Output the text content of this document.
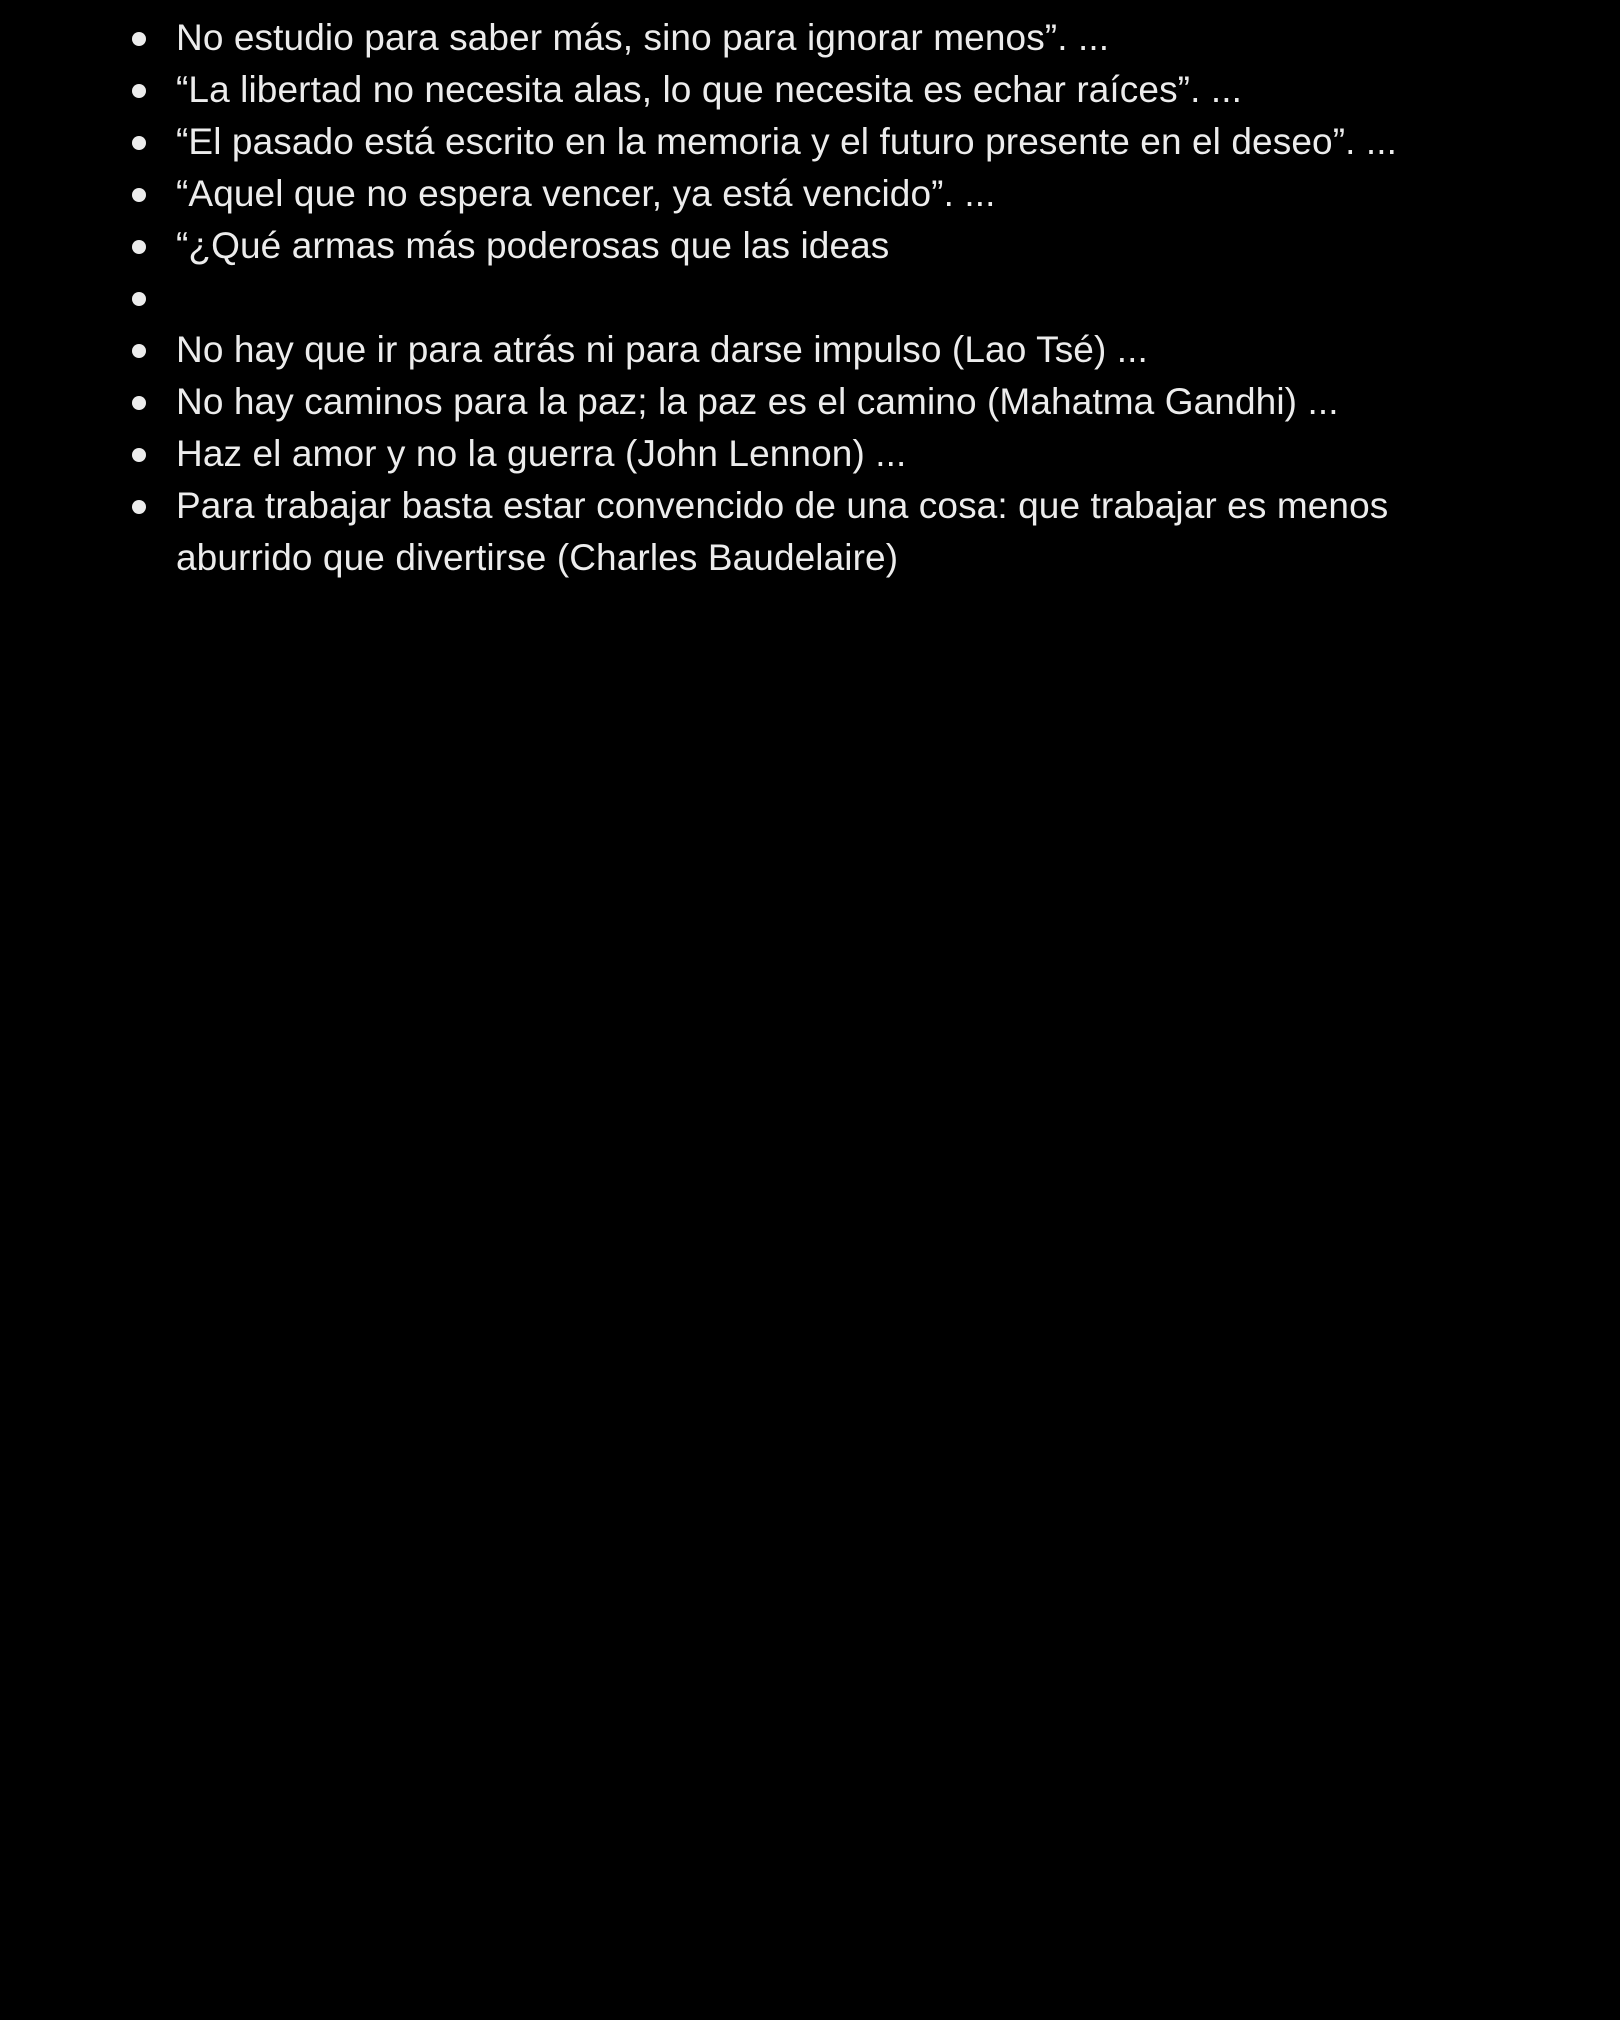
No estudio para saber más, sino para ignorar menos”. ...
“La libertad no necesita alas, lo que necesita es echar raíces”. ...
“El pasado está escrito en la memoria y el futuro presente en el deseo”. ...
“Aquel que no espera vencer, ya está vencido”. ...
“¿Qué armas más poderosas que las ideas
No hay que ir para atrás ni para darse impulso (Lao Tsé) ...
No hay caminos para la paz; la paz es el camino (Mahatma Gandhi) ...
Haz el amor y no la guerra (John Lennon) ...
Para trabajar basta estar convencido de una cosa: que trabajar es menos aburrido que divertirse (Charles Baudelaire)
